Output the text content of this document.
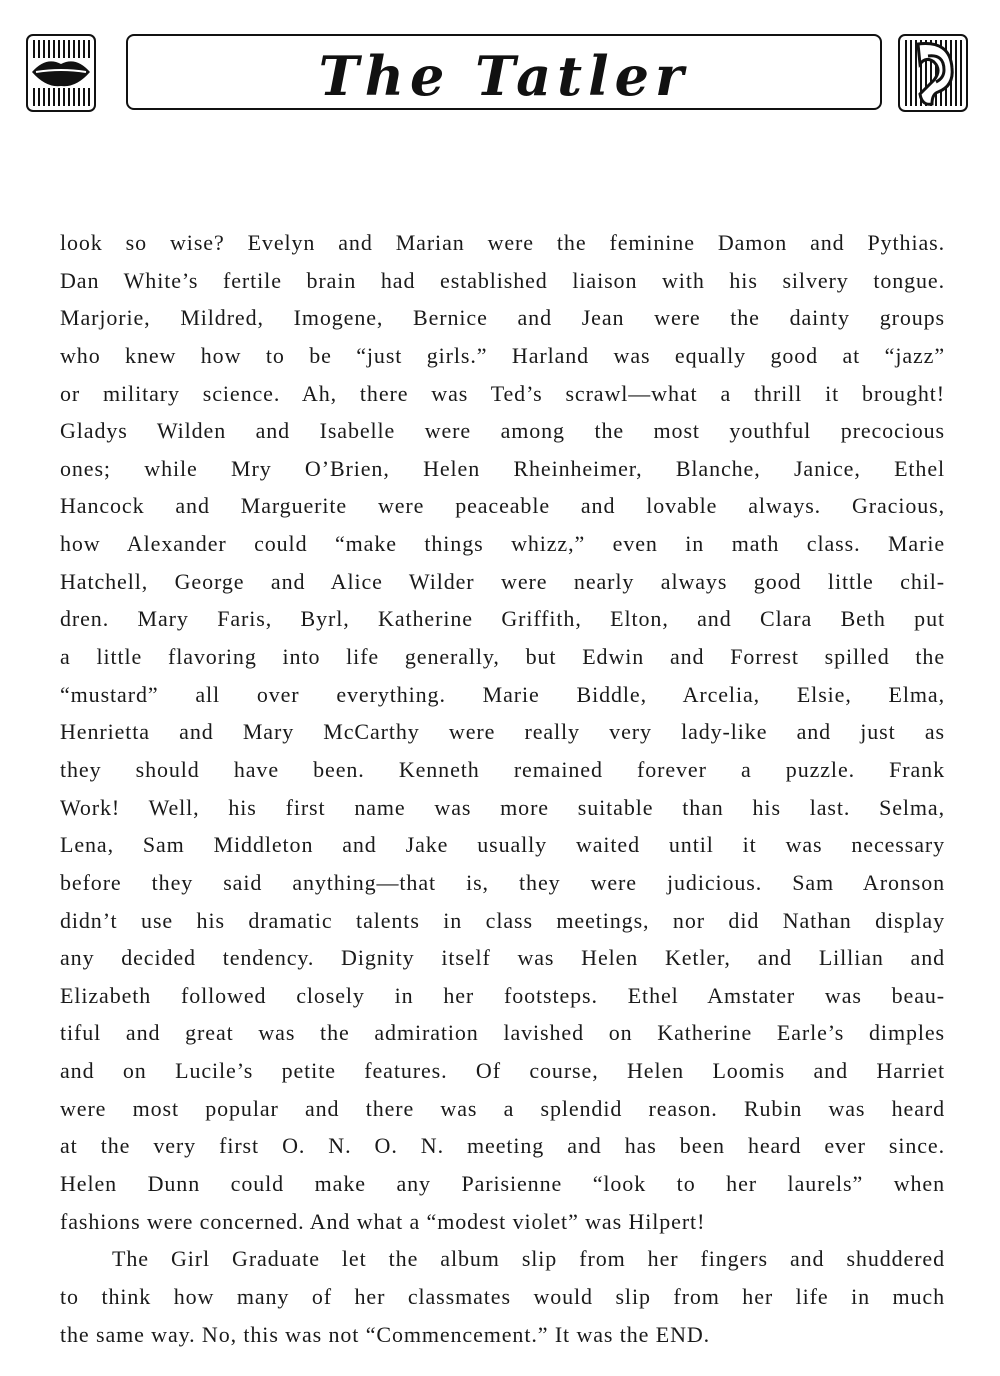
The Tatler
look so wise? Evelyn and Marian were the feminine Damon and Pythias.
Dan White’s fertile brain had established liaison with his silvery tongue.
Marjorie, Mildred, Imogene, Bernice and Jean were the dainty groups
who knew how to be “just girls.” Harland was equally good at “jazz”
or military science. Ah, there was Ted’s scrawl—what a thrill it brought!
Gladys Wilden and Isabelle were among the most youthful precocious
ones; while Mry O’Brien, Helen Rheinheimer, Blanche, Janice, Ethel
Hancock and Marguerite were peaceable and lovable always. Gracious,
how Alexander could “make things whizz,” even in math class. Marie
Hatchell, George and Alice Wilder were nearly always good little chil-
dren. Mary Faris, Byrl, Katherine Griffith, Elton, and Clara Beth put
a little flavoring into life generally, but Edwin and Forrest spilled the
“mustard” all over everything. Marie Biddle, Arcelia, Elsie, Elma,
Henrietta and Mary McCarthy were really very lady-like and just as
they should have been. Kenneth remained forever a puzzle. Frank
Work! Well, his first name was more suitable than his last. Selma,
Lena, Sam Middleton and Jake usually waited until it was necessary
before they said anything—that is, they were judicious. Sam Aronson
didn’t use his dramatic talents in class meetings, nor did Nathan display
any decided tendency. Dignity itself was Helen Ketler, and Lillian and
Elizabeth followed closely in her footsteps. Ethel Amstater was beau-
tiful and great was the admiration lavished on Katherine Earle’s dimples
and on Lucile’s petite features. Of course, Helen Loomis and Harriet
were most popular and there was a splendid reason. Rubin was heard
at the very first O. N. O. N. meeting and has been heard ever since.
Helen Dunn could make any Parisienne “look to her laurels” when
fashions were concerned. And what a “modest violet” was Hilpert!
The Girl Graduate let the album slip from her fingers and shuddered
to think how many of her classmates would slip from her life in much
the same way. No, this was not “Commencement.” It was the END.
